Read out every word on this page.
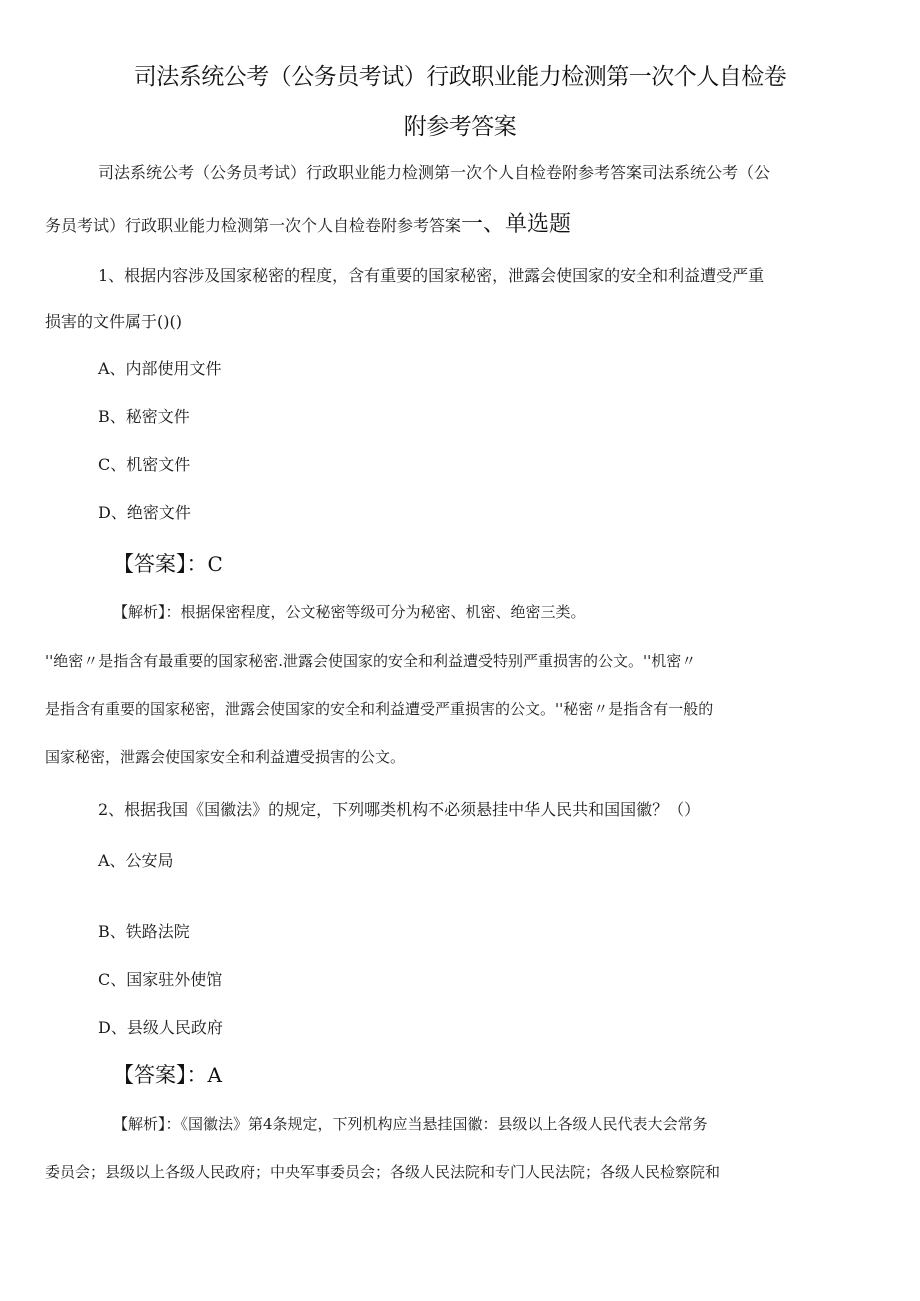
司法系统公考（公务员考试）行政职业能力检测第一次个人自检卷
附参考答案
司法系统公考（公务员考试）行政职业能力检测第一次个人自检卷附参考答案司法系统公考（公
务员考试）行政职业能力检测第一次个人自检卷附参考答案一、单选题
1、根据内容涉及国家秘密的程度，含有重要的国家秘密，泄露会使国家的安全和利益遭受严重
损害的文件属于()()
A、内部使用文件
B、秘密文件
C、机密文件
D、绝密文件
【答案】：C
【解析】：根据保密程度，公文秘密等级可分为秘密、机密、绝密三类。
''绝密〃是指含有最重要的国家秘密.泄露会使国家的安全和利益遭受特别严重损害的公文。''机密〃
是指含有重要的国家秘密，泄露会使国家的安全和利益遭受严重损害的公文。''秘密〃是指含有一般的
国家秘密，泄露会使国家安全和利益遭受损害的公文。
2、根据我国《国徽法》的规定，下列哪类机构不必须悬挂中华人民共和国国徽？（）
A、公安局
B、铁路法院
C、国家驻外使馆
D、县级人民政府
【答案】：A
【解析】：《国徽法》第4条规定，下列机构应当悬挂国徽：县级以上各级人民代表大会常务
委员会；县级以上各级人民政府；中央军事委员会；各级人民法院和专门人民法院；各级人民检察院和
